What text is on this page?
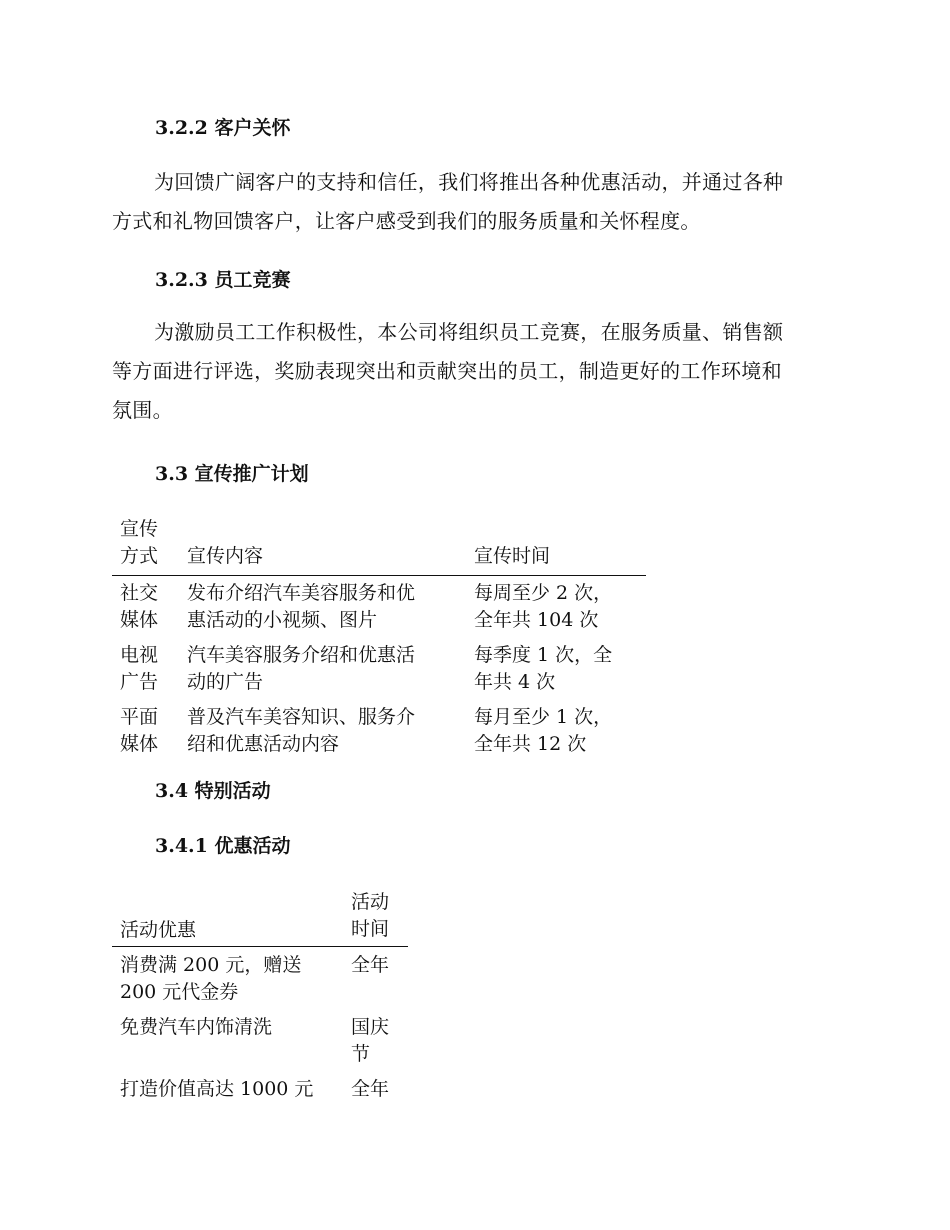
3.2.2 客户关怀
为回馈广阔客户的支持和信任，我们将推出各种优惠活动，并通过各种
方式和礼物回馈客户，让客户感受到我们的服务质量和关怀程度。
3.2.3 员工竞赛
为激励员工工作积极性，本公司将组织员工竞赛，在服务质量、销售额
等方面进行评选，奖励表现突出和贡献突出的员工，制造更好的工作环境和
氛围。
3.3 宣传推广计划
宣传
方式 宣传内容	宣传时间
社交
媒体
发布介绍汽车美容服务和优
惠活动的小视频、图片
每周至少 2 次，
全年共 104 次
电视
广告
汽车美容服务介绍和优惠活
动的广告
每季度 1 次，全
年共 4 次
平面
媒体
普及汽车美容知识、服务介
绍和优惠活动内容
每月至少 1 次，
全年共 12 次
3.4 特别活动
3.4.1 优惠活动
活动优惠
活动
时间
消费满 200 元，赠送
200 元代金券
全年
免费汽车内饰清洗	国庆
节
打造价值高达 1000 元 全年
